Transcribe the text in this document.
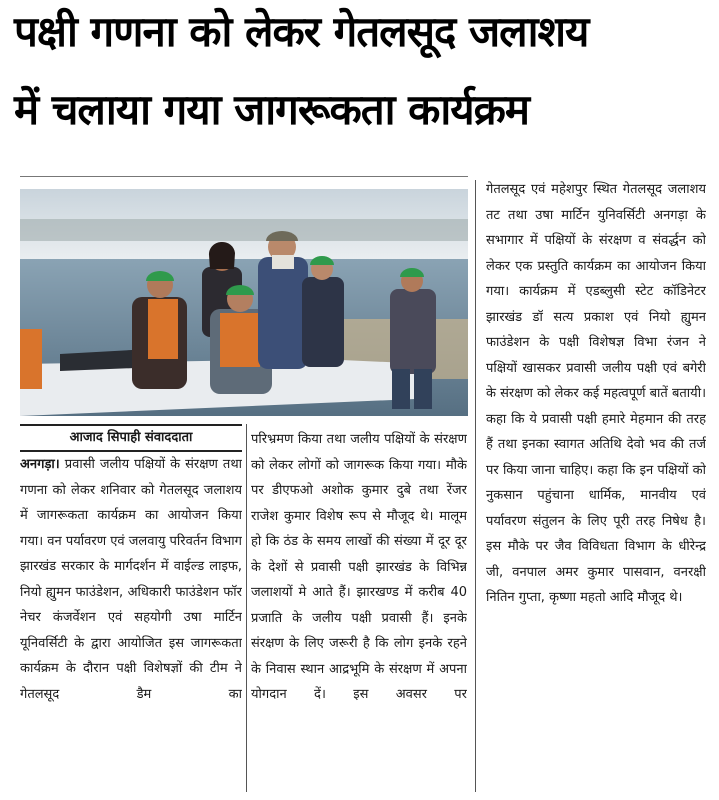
पक्षी गणना को लेकर गेतलसूद जलाशय
में चलाया गया जागरूकता कार्यक्रम
आजाद सिपाही संवाददाता

अनगड़ा। प्रवासी जलीय पक्षियों के संरक्षण तथा गणना को लेकर शनिवार को गेतलसूद जलाशय में जागरूकता कार्यक्रम का आयोजन किया गया। वन पर्यावरण एवं जलवायु परिवर्तन विभाग झारखंड सरकार के मार्गदर्शन में वाईल्ड लाइफ, नियो ह्युमन फाउंडेशन, अधिकारी फाउंडेशन फॉर नेचर कंजर्वेशन एवं सहयोगी उषा मार्टिन यूनिवर्सिटी के द्वारा आयोजित इस जागरूकता कार्यक्रम के दौरान पक्षी विशेषज्ञों की टीम ने गेतलसूद डैम का

परिभ्रमण किया तथा जलीय पक्षियों के संरक्षण को लेकर लोगों को जागरूक किया गया। मौके पर डीएफओ अशोक कुमार दुबे तथा रेंजर राजेश कुमार विशेष रूप से मौजूद थे। मालूम हो कि ठंड के समय लाखों की संख्या में दूर दूर के देशों से प्रवासी पक्षी झारखंड के विभिन्न जलाशयों मे आते हैं। झारखण्ड में करीब 40 प्रजाति के जलीय पक्षी प्रवासी हैं। इनके संरक्षण के लिए जरूरी है कि लोग इनके रहने के निवास स्थान आद्रभूमि के संरक्षण में अपना योगदान दें। इस अवसर पर

गेतलसूद एवं महेशपुर स्थित गेतलसूद जलाशय तट तथा उषा मार्टिन युनिवर्सिटी अनगड़ा के सभागार में पक्षियों के संरक्षण व संवर्द्धन को लेकर एक प्रस्तुति कार्यक्रम का आयोजन किया गया। कार्यक्रम में एडब्लुसी स्टेट कॉडिनेटर झारखंड डॉ सत्य प्रकाश एवं नियो ह्युमन फाउंडेशन के पक्षी विशेषज्ञ विभा रंजन ने पक्षियों खासकर प्रवासी जलीय पक्षी एवं बगेरी के संरक्षण को लेकर कई महत्वपूर्ण बातें बतायी। कहा कि ये प्रवासी पक्षी हमारे मेहमान की तरह हैं तथा इनका स्वागत अतिथि देवो भव की तर्ज पर किया जाना चाहिए। कहा कि इन पक्षियों को नुकसान पहुंचाना धार्मिक, मानवीय एवं पर्यावरण संतुलन के लिए पूरी तरह निषेध है। इस मौके पर जैव विविधता विभाग के धीरेन्द्र जी, वनपाल अमर कुमार पासवान, वनरक्षी नितिन गुप्ता, कृष्णा महतो आदि मौजूद थे।
